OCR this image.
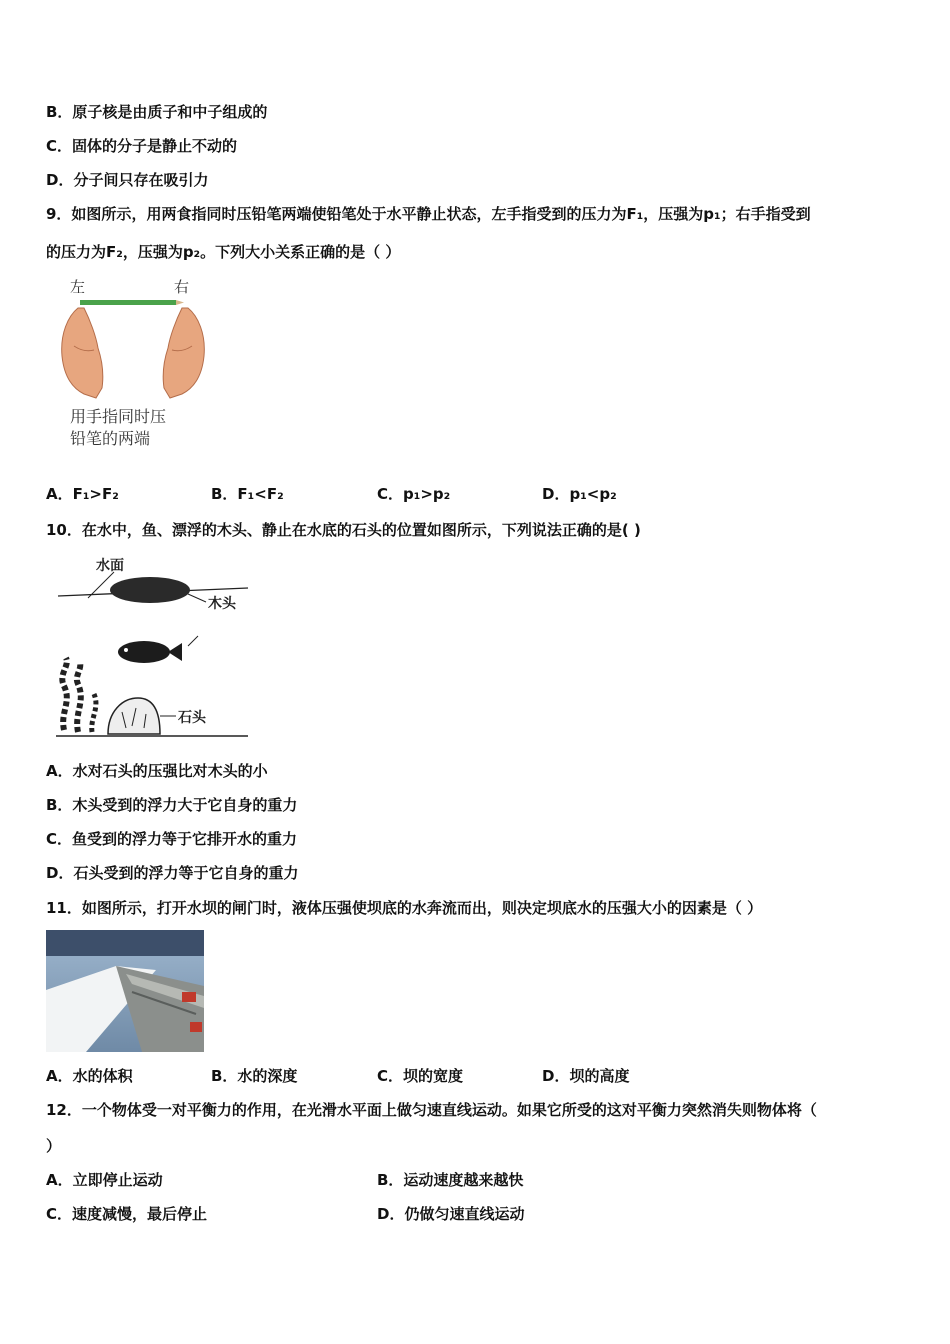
B．原子核是由质子和中子组成的
C．固体的分子是静止不动的
D．分子间只存在吸引力
9．如图所示，用两食指同时压铅笔两端使铅笔处于水平静止状态，左手指受到的压力为F₁，压强为p₁；右手指受到
的压力为F₂，压强为p₂。下列大小关系正确的是（ ）
左	右
用手指同时压
铅笔的两端
A．F₁>F₂	B．F₁<F₂	C．p₁>p₂	D．p₁<p₂
10．在水中，鱼、漂浮的木头、静止在水底的石头的位置如图所示，下列说法正确的是( )
水面
木头
石头
A．水对石头的压强比对木头的小
B．木头受到的浮力大于它自身的重力
C．鱼受到的浮力等于它排开水的重力
D．石头受到的浮力等于它自身的重力
11．如图所示，打开水坝的闸门时，液体压强使坝底的水奔流而出，则决定坝底水的压强大小的因素是（ ）
A．水的体积	B．水的深度	C．坝的宽度	D．坝的高度
12．一个物体受一对平衡力的作用，在光滑水平面上做匀速直线运动。如果它所受的这对平衡力突然消失则物体将（
）
A．立即停止运动	B．运动速度越来越快
C．速度减慢，最后停止	D．仍做匀速直线运动
